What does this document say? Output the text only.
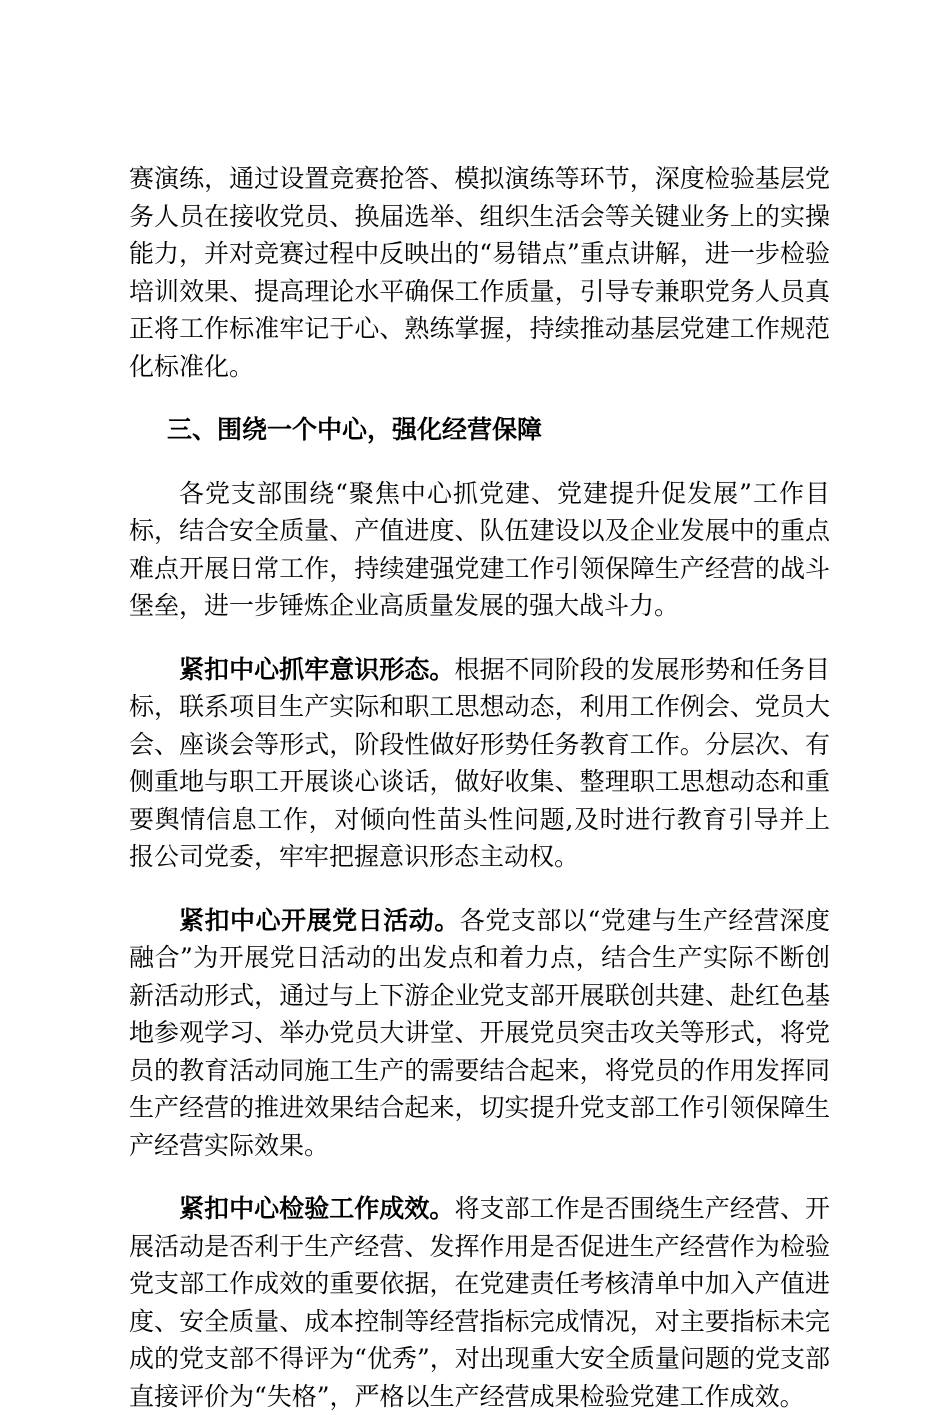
赛演练，通过设置竞赛抢答、模拟演练等环节，深度检验基层党务人员在接收党员、换届选举、组织生活会等关键业务上的实操能力，并对竞赛过程中反映出的“易错点”重点讲解，进一步检验培训效果、提高理论水平确保工作质量，引导专兼职党务人员真正将工作标准牢记于心、熟练掌握，持续推动基层党建工作规范化标准化。

三、围绕一个中心，强化经营保障

各党支部围绕“聚焦中心抓党建、党建提升促发展”工作目标，结合安全质量、产值进度、队伍建设以及企业发展中的重点难点开展日常工作，持续建强党建工作引领保障生产经营的战斗堡垒，进一步锤炼企业高质量发展的强大战斗力。

紧扣中心抓牢意识形态。根据不同阶段的发展形势和任务目标，联系项目生产实际和职工思想动态，利用工作例会、党员大会、座谈会等形式，阶段性做好形势任务教育工作。分层次、有侧重地与职工开展谈心谈话，做好收集、整理职工思想动态和重要舆情信息工作，对倾向性苗头性问题,及时进行教育引导并上报公司党委，牢牢把握意识形态主动权。

紧扣中心开展党日活动。各党支部以“党建与生产经营深度融合”为开展党日活动的出发点和着力点，结合生产实际不断创新活动形式，通过与上下游企业党支部开展联创共建、赴红色基地参观学习、举办党员大讲堂、开展党员突击攻关等形式，将党员的教育活动同施工生产的需要结合起来，将党员的作用发挥同生产经营的推进效果结合起来，切实提升党支部工作引领保障生产经营实际效果。

紧扣中心检验工作成效。将支部工作是否围绕生产经营、开展活动是否利于生产经营、发挥作用是否促进生产经营作为检验党支部工作成效的重要依据，在党建责任考核清单中加入产值进度、安全质量、成本控制等经营指标完成情况，对主要指标未完成的党支部不得评为“优秀”，对出现重大安全质量问题的党支部直接评价为“失格”，严格以生产经营成果检验党建工作成效。
